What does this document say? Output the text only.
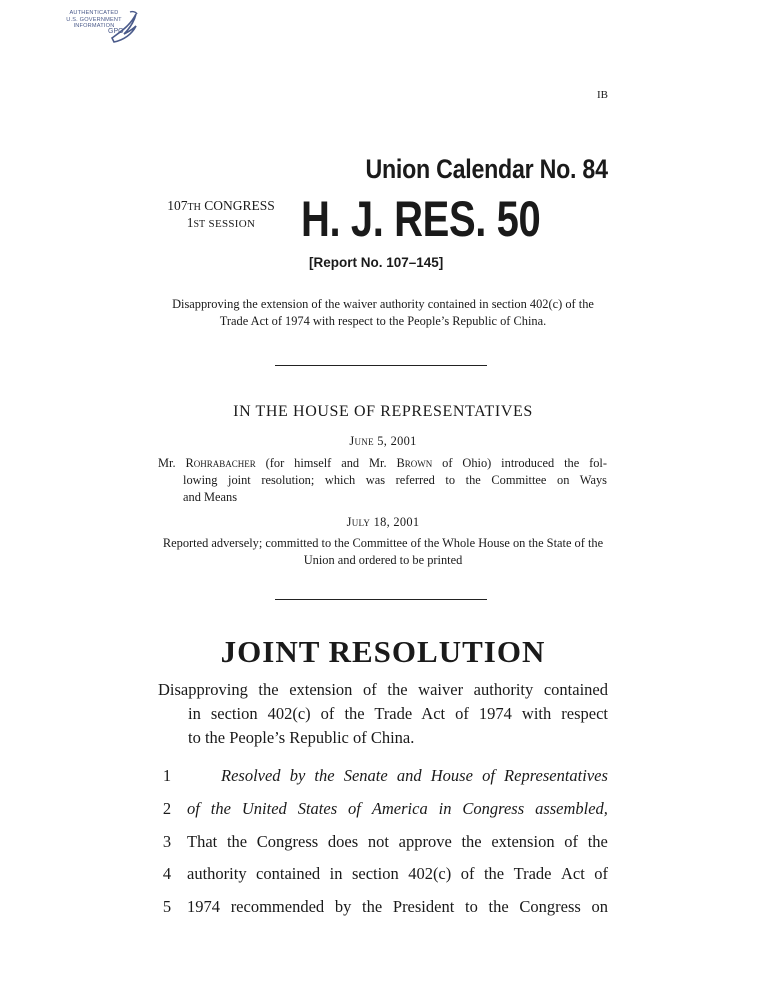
AUTHENTICATED
U.S. GOVERNMENT
INFORMATION
GPO
IB
Union Calendar No. 84
107TH CONGRESS
1ST SESSION H. J. RES. 50
[Report No. 107–145]
Disapproving the extension of the waiver authority contained in section 402(c) of the Trade Act of 1974 with respect to the People’s Republic of China.
IN THE HOUSE OF REPRESENTATIVES
June 5, 2001
Mr. Rohrabacher (for himself and Mr. Brown of Ohio) introduced the fol-
lowing joint resolution; which was referred to the Committee on Ways
and Means
July 18, 2001
Reported adversely; committed to the Committee of the Whole House on the State of the Union and ordered to be printed
JOINT RESOLUTION
Disapproving the extension of the waiver authority contained
in section 402(c) of the Trade Act of 1974 with respect
to the People’s Republic of China.
1	Resolved by the Senate and House of Representatives
2 of the United States of America in Congress assembled,
3 That the Congress does not approve the extension of the
4 authority contained in section 402(c) of the Trade Act of
5 1974 recommended by the President to the Congress on
